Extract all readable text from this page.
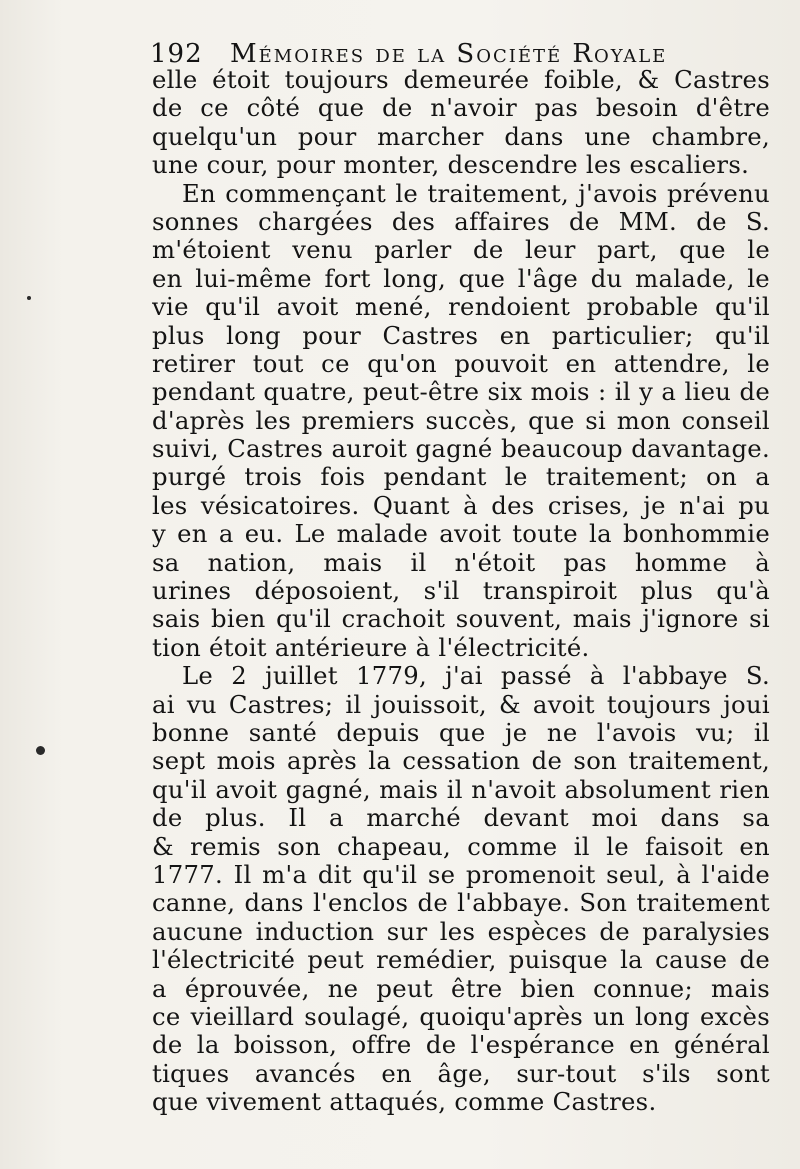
192 Mémoires de la Société Royale
elle étoit toujours demeurée foible, & Castres
de ce côté que de n'avoir pas besoin d'être
quelqu'un pour marcher dans une chambre,
une cour, pour monter, descendre les escaliers.
En commençant le traitement, j'avois prévenu
sonnes chargées des affaires de MM. de S.
m'étoient venu parler de leur part, que le
en lui-même fort long, que l'âge du malade, le
vie qu'il avoit mené, rendoient probable qu'il
plus long pour Castres en particulier; qu'il
retirer tout ce qu'on pouvoit en attendre, le
pendant quatre, peut-être six mois : il y a lieu de
d'après les premiers succès, que si mon conseil
suivi, Castres auroit gagné beaucoup davantage.
purgé trois fois pendant le traitement; on a
les vésicatoires. Quant à des crises, je n'ai pu
y en a eu. Le malade avoit toute la bonhommie
sa nation, mais il n'étoit pas homme à
urines déposoient, s'il transpiroit plus qu'à
sais bien qu'il crachoit souvent, mais j'ignore si
tion étoit antérieure à l'électricité.
Le 2 juillet 1779, j'ai passé à l'abbaye S.
ai vu Castres; il jouissoit, & avoit toujours joui
bonne santé depuis que je ne l'avois vu; il
sept mois après la cessation de son traitement,
qu'il avoit gagné, mais il n'avoit absolument rien
de plus. Il a marché devant moi dans sa
& remis son chapeau, comme il le faisoit en
1777. Il m'a dit qu'il se promenoit seul, à l'aide
canne, dans l'enclos de l'abbaye. Son traitement
aucune induction sur les espèces de paralysies
l'électricité peut remédier, puisque la cause de
a éprouvée, ne peut être bien connue; mais
ce vieillard soulagé, quoiqu'après un long excès
de la boisson, offre de l'espérance en général
tiques avancés en âge, sur-tout s'ils sont
que vivement attaqués, comme Castres.
